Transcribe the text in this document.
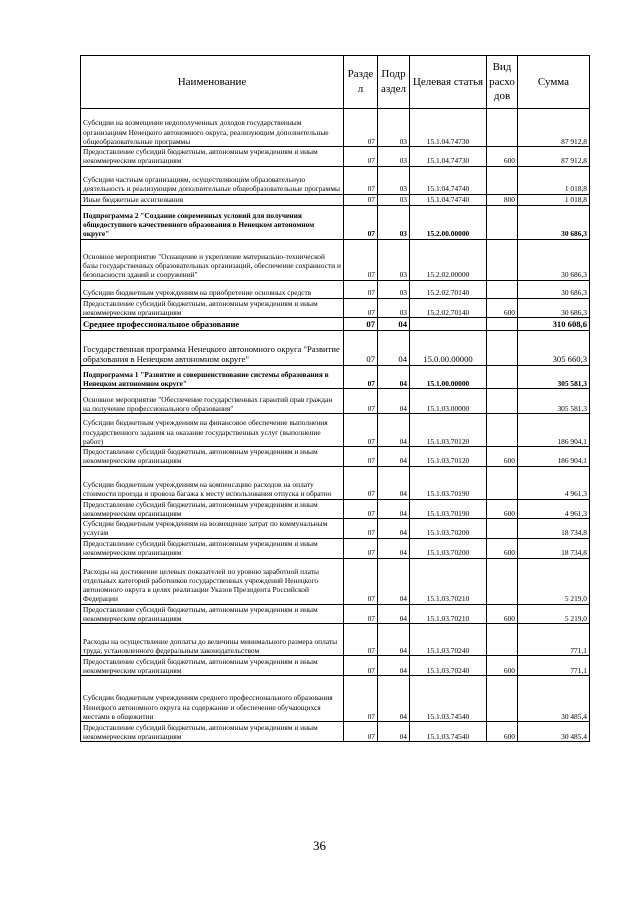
Наименование	Разде л	Подр аздел	Целевая статья	Вид расхо дов	Сумма
Субсидии на возмещение недополученных доходов государственным организациям Ненецкого автономного округа, реализующим дополнительные общеобразовательные программы	07	03	15.1.04.74730		87 912,8
Предоставление субсидий бюджетным, автономным учреждениям и иным некоммерческим организациям	07	03	15.1.04.74730	600	87 912,8
Субсидии частным организациям, осуществляющим образовательную деятельность и реализующим дополнительные общеобразовательные программы	07	03	15.1.04.74740		1 018,8
Иные бюджетные ассигнования	07	03	15.1.04.74740	800	1 018,8
Подпрограмма 2 "Создание современных условий для получения общедоступного качественного образования в Ненецком автономном округе"	07	03	15.2.00.00000		30 686,3
Основное мероприятие "Оснащение и укрепление материально-технической базы государственных образовательных организаций, обеспечение сохранности и безопасности зданий и сооружений"	07	03	15.2.02.00000		30 686,3
Субсидии бюджетным учреждениям на приобретение основных средств	07	03	15.2.02.70140		30 686,3
Предоставление субсидий бюджетным, автономным учреждениям и иным некоммерческим организациям	07	03	15.2.02.70140	600	30 686,3
Среднее профессиональное образование	07	04			310 608,6
Государственная программа Ненецкого автономного округа "Развитие образования в Ненецком автономном округе"	07	04	15.0.00.00000		305 660,3
Подпрограмма 1 "Развитие и совершенствование системы образования в Ненецком автономном округе"	07	04	15.1.00.00000		305 581,3
Основное мероприятие "Обеспечение государственных гарантий прав граждан на получение профессионального образования"	07	04	15.1.03.00000		305 581,3
Субсидии бюджетным учреждениям на финансовое обеспечение выполнения государственного задания на оказание государственных услуг (выполнение работ)	07	04	15.1.03.70120		186 904,1
Предоставление субсидий бюджетным, автономным учреждениям и иным некоммерческим организациям	07	04	15.1.03.70120	600	186 904,1
Субсидии бюджетным учреждениям на компенсацию расходов на оплату стоимости проезда и провоза багажа к месту использования отпуска и обратно	07	04	15.1.03.70190		4 961,3
Предоставление субсидий бюджетным, автономным учреждениям и иным некоммерческим организациям	07	04	15.1.03.70190	600	4 961,3
Субсидии бюджетным учреждениям на возмещение затрат по коммунальным услугам	07	04	15.1.03.70200		18 734,8
Предоставление субсидий бюджетным, автономным учреждениям и иным некоммерческим организациям	07	04	15.1.03.70200	600	18 734,8
Расходы на достижение целевых показателей по уровню заработной платы отдельных категорий работников государственных учреждений Ненецкого автономного округа в целях реализации Указов Президента Российской Федерации	07	04	15.1.03.70210		5 219,0
Предоставление субсидий бюджетным, автономным учреждениям и иным некоммерческим организациям	07	04	15.1.03.70210	600	5 219,0
Расходы на осуществление доплаты до величины минимального размера оплаты труда, установленного федеральным законодательством	07	04	15.1.03.70240		771,1
Предоставление субсидий бюджетным, автономным учреждениям и иным некоммерческим организациям	07	04	15.1.03.70240	600	771,1
Субсидии бюджетным учреждениям среднего профессионального образования Ненецкого автономного округа на содержание и обеспечение обучающихся местами в общежитии	07	04	15.1.03.74540		30 485,4
Предоставление субсидий бюджетным, автономным учреждениям и иным некоммерческим организациям	07	04	15.1.03.74540	600	30 485,4
36
